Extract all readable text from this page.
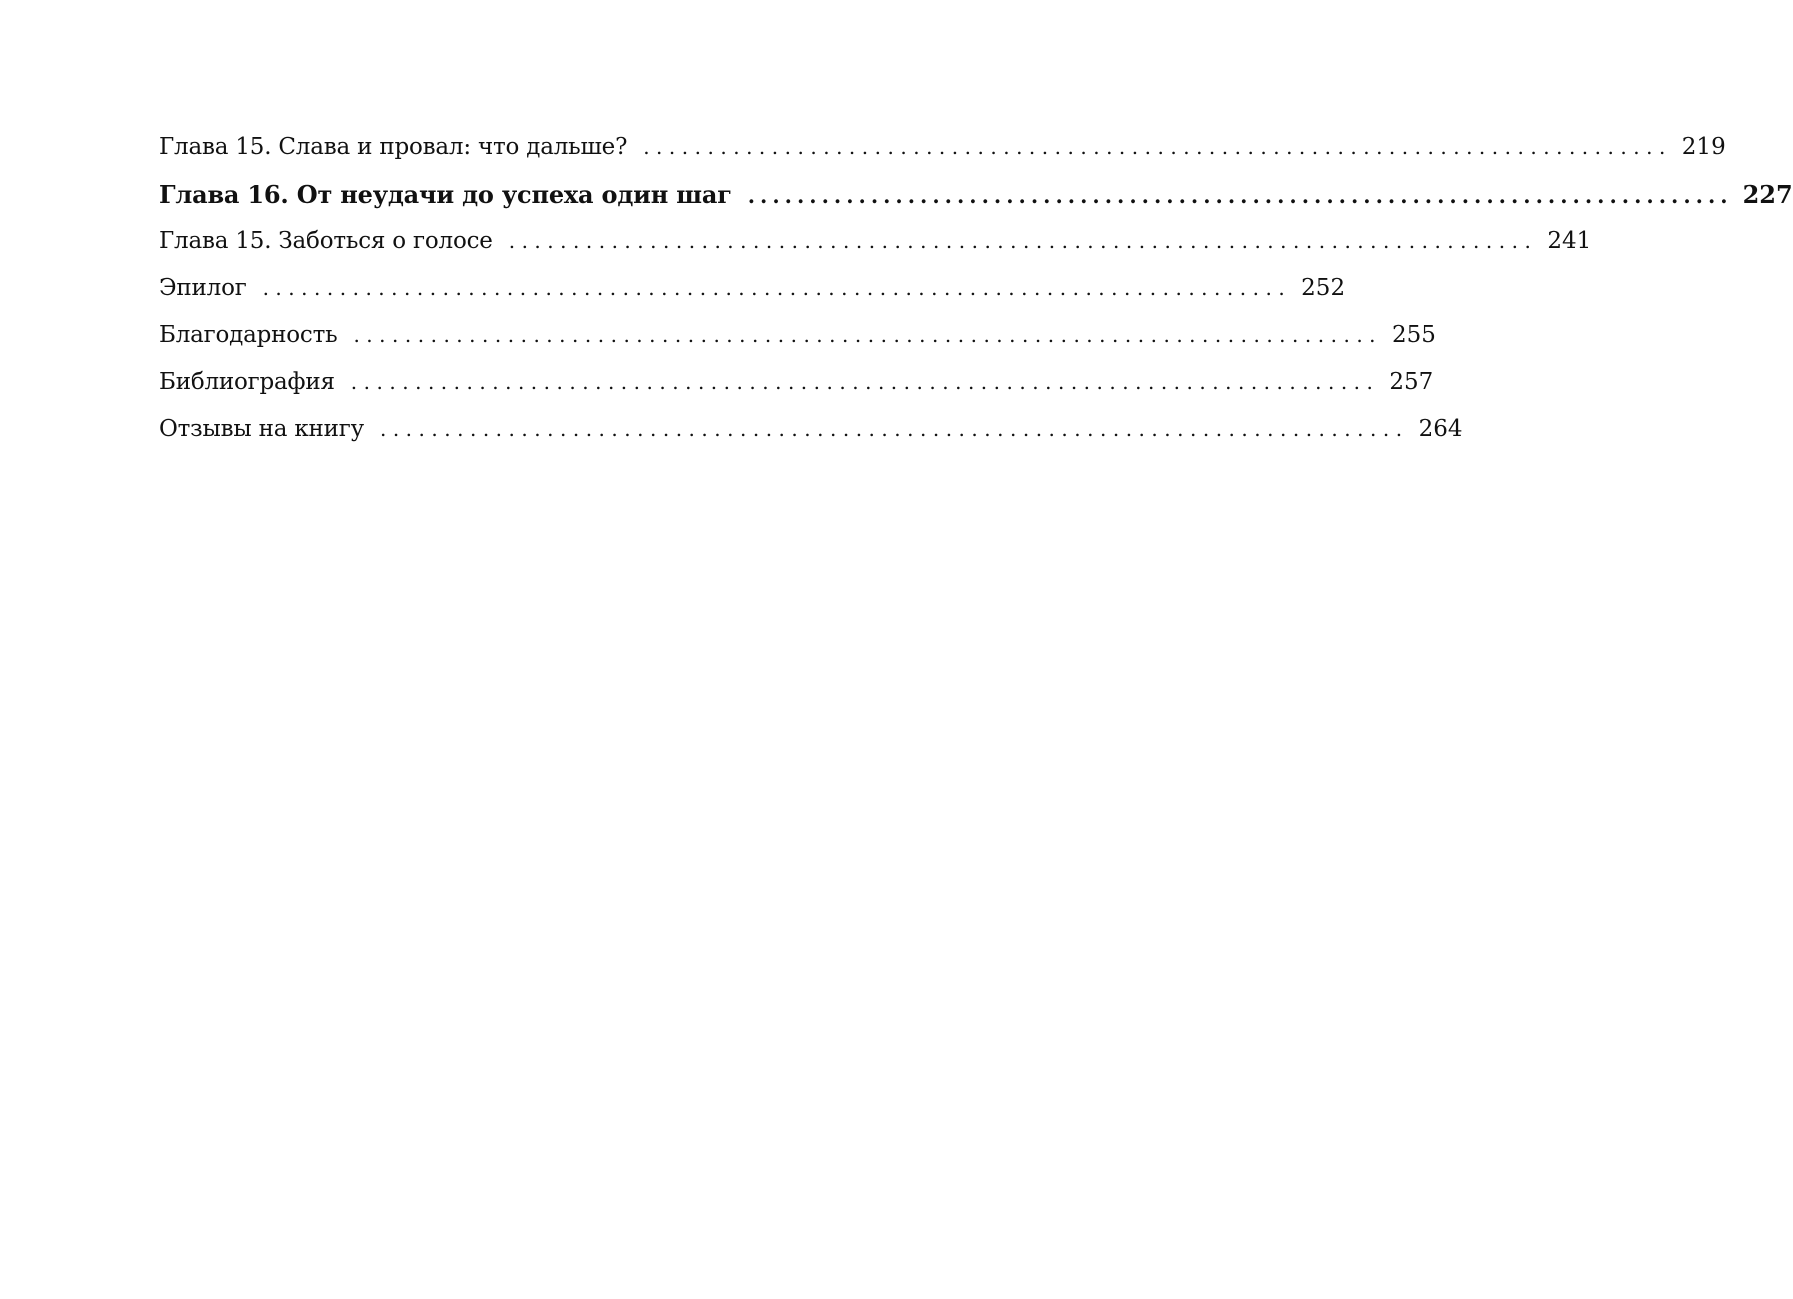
Глава 15. Слава и провал: что дальше? ................................................................................ 219
Глава 16. От неудачи до успеха один шаг ................................................................................ 227
Глава 15. Заботься о голосе ................................................................................ 241
Эпилог ................................................................................ 252
Благодарность ................................................................................ 255
Библиография ................................................................................ 257
Отзывы на книгу ................................................................................ 264
